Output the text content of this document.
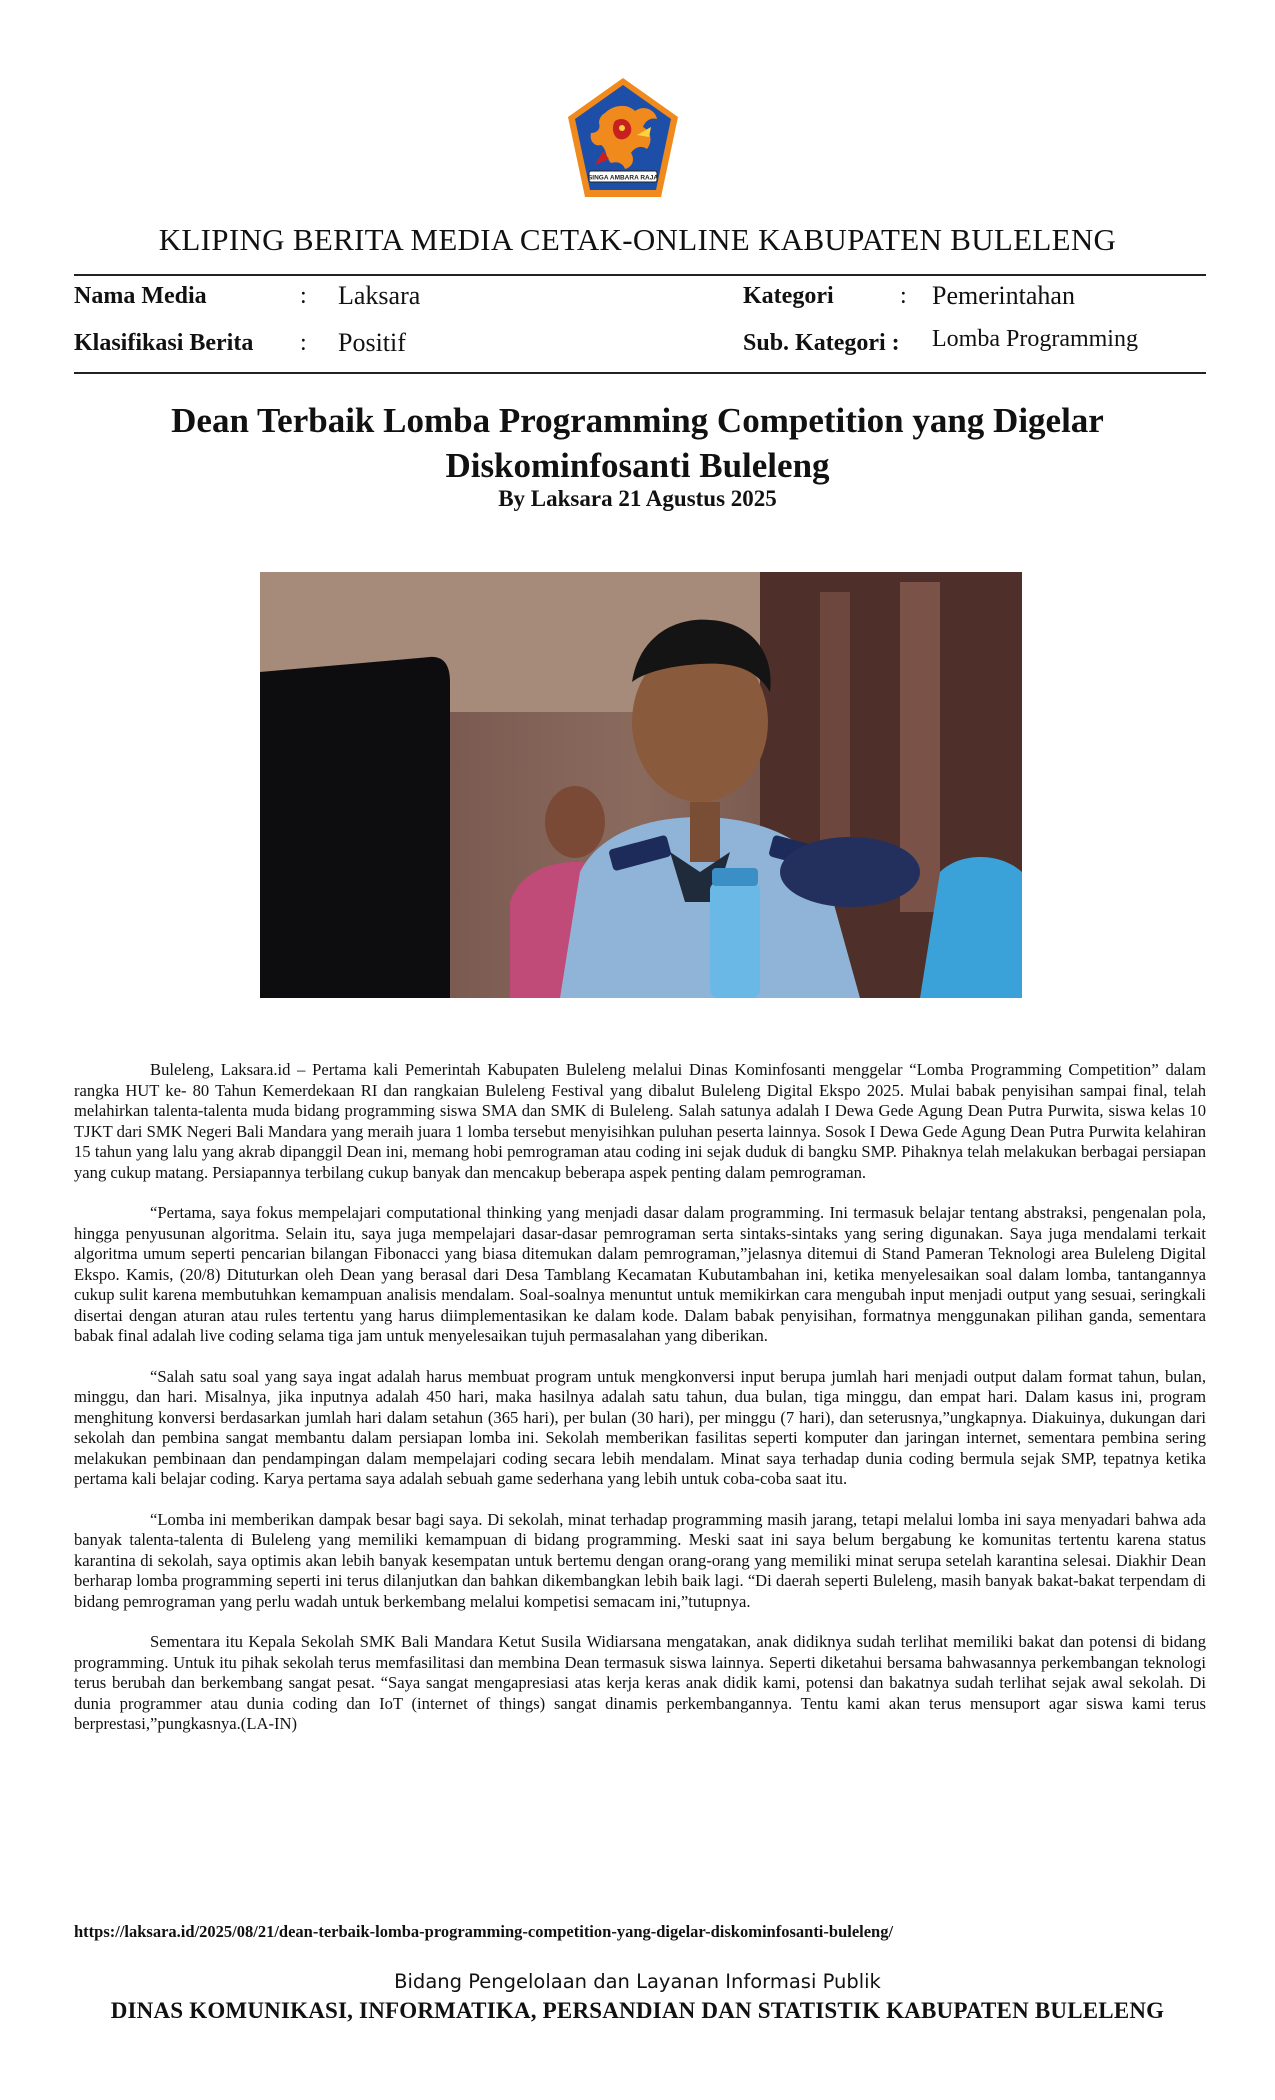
SINGA AMBARA RAJA
KLIPING BERITA MEDIA CETAK-ONLINE KABUPATEN BULELENG
Nama Media	: Laksara
Klasifikasi Berita : Positif
Kategori	: Pemerintahan
Sub. Kategori : Lomba Programming
Dean Terbaik Lomba Programming Competition yang Digelar Diskominfosanti Buleleng
By Laksara 21 Agustus 2025

Buleleng, Laksara.id – Pertama kali Pemerintah Kabupaten Buleleng melalui Dinas Kominfosanti menggelar “Lomba Programming Competition” dalam rangka HUT ke- 80 Tahun Kemerdekaan RI dan rangkaian Buleleng Festival yang dibalut Buleleng Digital Ekspo 2025. Mulai babak penyisihan sampai final, telah melahirkan talenta-talenta muda bidang programming siswa SMA dan SMK di Buleleng. Salah satunya adalah I Dewa Gede Agung Dean Putra Purwita, siswa kelas 10 TJKT dari SMK Negeri Bali Mandara yang meraih juara 1 lomba tersebut menyisihkan puluhan peserta lainnya. Sosok I Dewa Gede Agung Dean Putra Purwita kelahiran 15 tahun yang lalu yang akrab dipanggil Dean ini, memang hobi pemrograman atau coding ini sejak duduk di bangku SMP. Pihaknya telah melakukan berbagai persiapan yang cukup matang. Persiapannya terbilang cukup banyak dan mencakup beberapa aspek penting dalam pemrograman.

“Pertama, saya fokus mempelajari computational thinking yang menjadi dasar dalam programming. Ini termasuk belajar tentang abstraksi, pengenalan pola, hingga penyusunan algoritma. Selain itu, saya juga mempelajari dasar-dasar pemrograman serta sintaks-sintaks yang sering digunakan. Saya juga mendalami terkait algoritma umum seperti pencarian bilangan Fibonacci yang biasa ditemukan dalam pemrograman,”jelasnya ditemui di Stand Pameran Teknologi area Buleleng Digital Ekspo. Kamis, (20/8) Dituturkan oleh Dean yang berasal dari Desa Tamblang Kecamatan Kubutambahan ini, ketika menyelesaikan soal dalam lomba, tantangannya cukup sulit karena membutuhkan kemampuan analisis mendalam. Soal-soalnya menuntut untuk memikirkan cara mengubah input menjadi output yang sesuai, seringkali disertai dengan aturan atau rules tertentu yang harus diimplementasikan ke dalam kode. Dalam babak penyisihan, formatnya menggunakan pilihan ganda, sementara babak final adalah live coding selama tiga jam untuk menyelesaikan tujuh permasalahan yang diberikan.

“Salah satu soal yang saya ingat adalah harus membuat program untuk mengkonversi input berupa jumlah hari menjadi output dalam format tahun, bulan, minggu, dan hari. Misalnya, jika inputnya adalah 450 hari, maka hasilnya adalah satu tahun, dua bulan, tiga minggu, dan empat hari. Dalam kasus ini, program menghitung konversi berdasarkan jumlah hari dalam setahun (365 hari), per bulan (30 hari), per minggu (7 hari), dan seterusnya,”ungkapnya. Diakuinya, dukungan dari sekolah dan pembina sangat membantu dalam persiapan lomba ini. Sekolah memberikan fasilitas seperti komputer dan jaringan internet, sementara pembina sering melakukan pembinaan dan pendampingan dalam mempelajari coding secara lebih mendalam. Minat saya terhadap dunia coding bermula sejak SMP, tepatnya ketika pertama kali belajar coding. Karya pertama saya adalah sebuah game sederhana yang lebih untuk coba-coba saat itu.

“Lomba ini memberikan dampak besar bagi saya. Di sekolah, minat terhadap programming masih jarang, tetapi melalui lomba ini saya menyadari bahwa ada banyak talenta-talenta di Buleleng yang memiliki kemampuan di bidang programming. Meski saat ini saya belum bergabung ke komunitas tertentu karena status karantina di sekolah, saya optimis akan lebih banyak kesempatan untuk bertemu dengan orang-orang yang memiliki minat serupa setelah karantina selesai. Diakhir Dean berharap lomba programming seperti ini terus dilanjutkan dan bahkan dikembangkan lebih baik lagi. “Di daerah seperti Buleleng, masih banyak bakat-bakat terpendam di bidang pemrograman yang perlu wadah untuk berkembang melalui kompetisi semacam ini,”tutupnya.

Sementara itu Kepala Sekolah SMK Bali Mandara Ketut Susila Widiarsana mengatakan, anak didiknya sudah terlihat memiliki bakat dan potensi di bidang programming. Untuk itu pihak sekolah terus memfasilitasi dan membina Dean termasuk siswa lainnya. Seperti diketahui bersama bahwasannya perkembangan teknologi terus berubah dan berkembang sangat pesat. “Saya sangat mengapresiasi atas kerja keras anak didik kami, potensi dan bakatnya sudah terlihat sejak awal sekolah. Di dunia programmer atau dunia coding dan IoT (internet of things) sangat dinamis perkembangannya. Tentu kami akan terus mensuport agar siswa kami terus berprestasi,”pungkasnya.(LA-IN)

https://laksara.id/2025/08/21/dean-terbaik-lomba-programming-competition-yang-digelar-diskominfosanti-buleleng/
Bidang Pengelolaan dan Layanan Informasi Publik
DINAS KOMUNIKASI, INFORMATIKA, PERSANDIAN DAN STATISTIK KABUPATEN BULELENG
